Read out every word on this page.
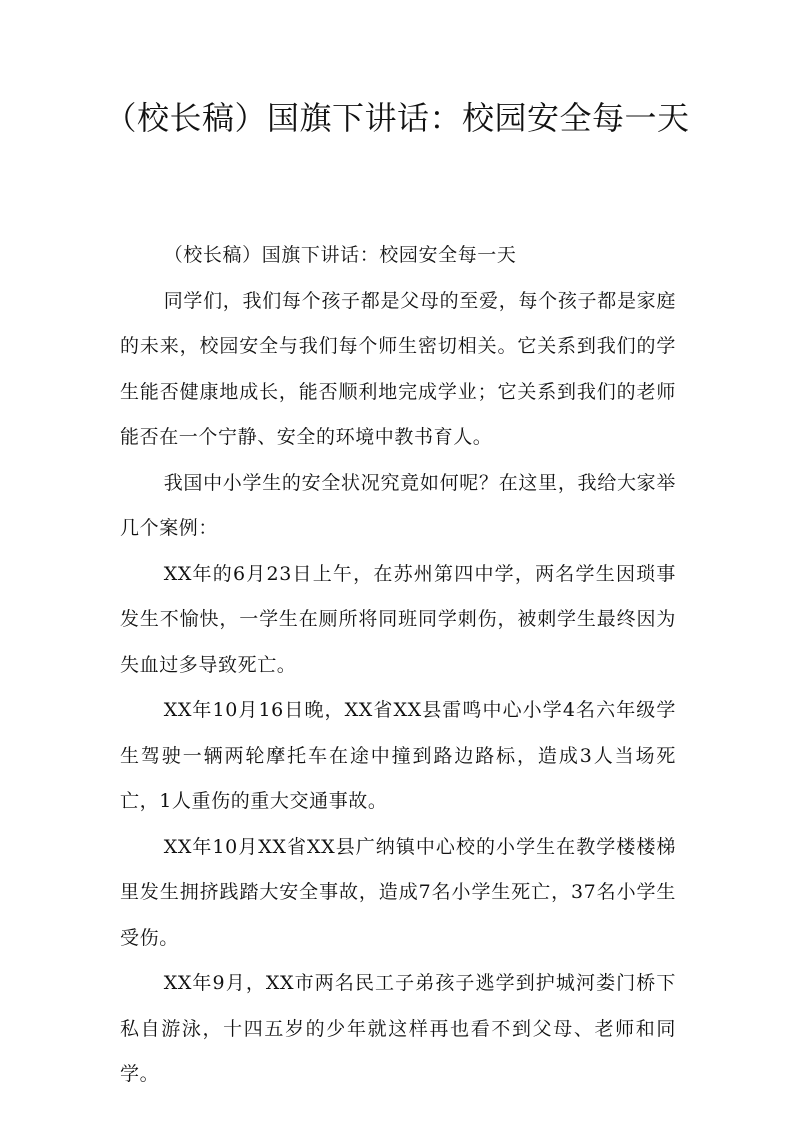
（校长稿）国旗下讲话：校园安全每一天

（校长稿）国旗下讲话：校园安全每一天

同学们，我们每个孩子都是父母的至爱，每个孩子都是家庭的未来，校园安全与我们每个师生密切相关。它关系到我们的学生能否健康地成长，能否顺利地完成学业；它关系到我们的老师能否在一个宁静、安全的环境中教书育人。

我国中小学生的安全状况究竟如何呢？在这里，我给大家举几个案例：

XX年的6月23日上午，在苏州第四中学，两名学生因琐事发生不愉快，一学生在厕所将同班同学刺伤，被刺学生最终因为失血过多导致死亡。

XX年10月16日晚，XX省XX县雷鸣中心小学4名六年级学生驾驶一辆两轮摩托车在途中撞到路边路标，造成3人当场死亡，1人重伤的重大交通事故。

XX年10月XX省XX县广纳镇中心校的小学生在教学楼楼梯里发生拥挤践踏大安全事故，造成7名小学生死亡，37名小学生受伤。

XX年9月，XX市两名民工子弟孩子逃学到护城河娄门桥下私自游泳，十四五岁的少年就这样再也看不到父母、老师和同学。
